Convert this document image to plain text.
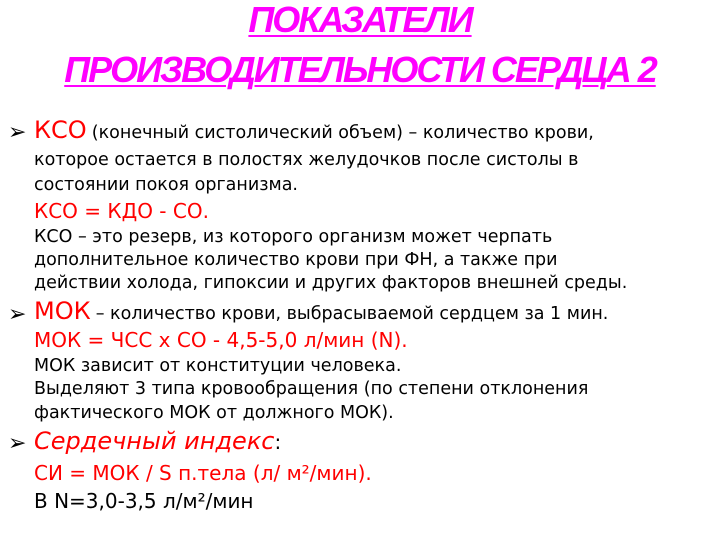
ПОКАЗАТЕЛИ
ПРОИЗВОДИТЕЛЬНОСТИ СЕРДЦА 2
➢ КСО (конечный систолический объем) – количество крови,
которое остается в полостях желудочков после систолы в
состоянии покоя организма.
КСО = КДО - СО.
КСО – это резерв, из которого организм может черпать
дополнительное количество крови при ФН, а также при
действии холода, гипоксии и других факторов внешней среды.
➢ МОК – количество крови, выбрасываемой сердцем за 1 мин.
МОК = ЧСС х СО - 4,5-5,0 л/мин (N).
МОК зависит от конституции человека.
Выделяют 3 типа кровообращения (по степени отклонения
фактического МОК от должного МОК).
➢ Сердечный индекс:
СИ = МОК / S п.тела (л/ м²/мин).
В N=3,0-3,5 л/м²/мин
